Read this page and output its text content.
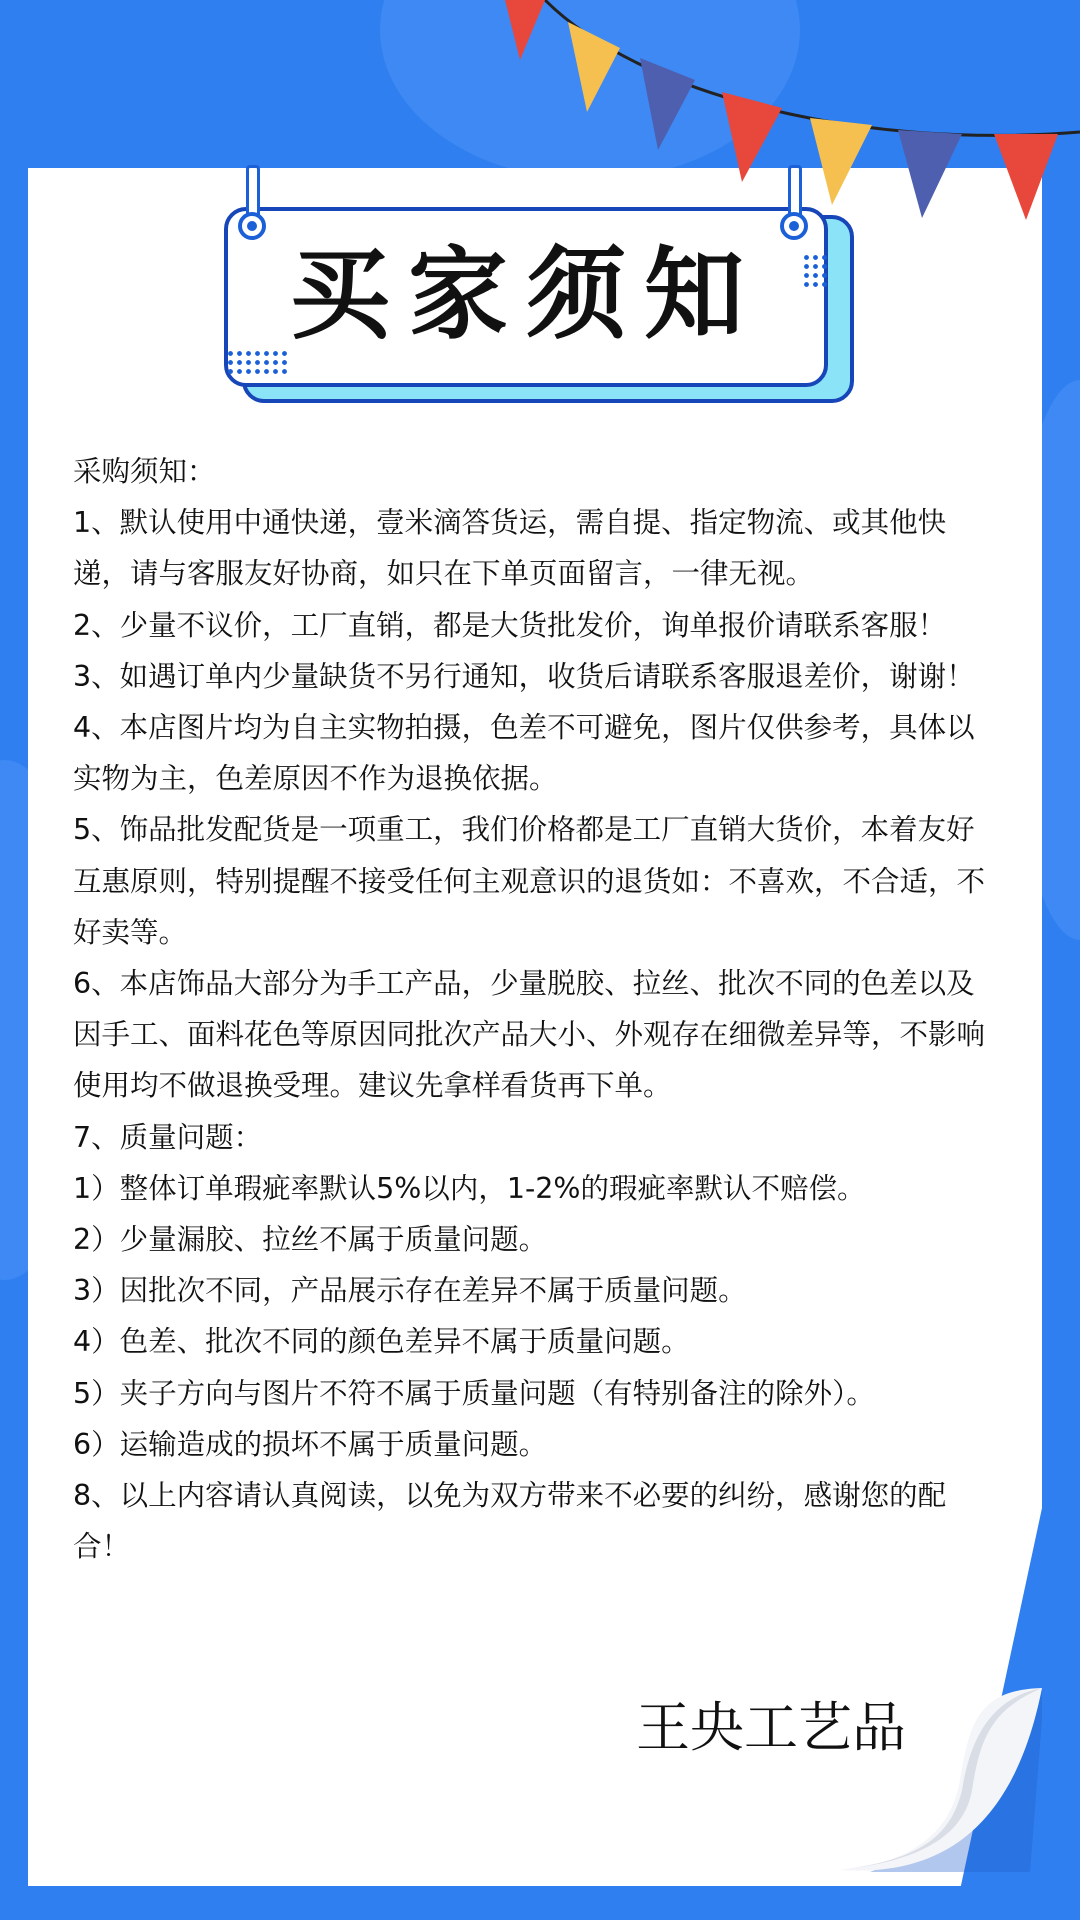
买家须知

采购须知：

1、默认使用中通快递，壹米滴答货运，需自提、指定物流、或其他快递，请与客服友好协商，如只在下单页面留言，一律无视。

2、少量不议价，工厂直销，都是大货批发价，询单报价请联系客服！

3、如遇订单内少量缺货不另行通知，收货后请联系客服退差价，谢谢！

4、本店图片均为自主实物拍摄，色差不可避免，图片仅供参考，具体以实物为主，色差原因不作为退换依据。

5、饰品批发配货是一项重工，我们价格都是工厂直销大货价，本着友好互惠原则，特别提醒不接受任何主观意识的退货如：不喜欢，不合适，不好卖等。

6、本店饰品大部分为手工产品，少量脱胶、拉丝、批次不同的色差以及因手工、面料花色等原因同批次产品大小、外观存在细微差异等，不影响使用均不做退换受理。建议先拿样看货再下单。

7、质量问题：

1）整体订单瑕疵率默认5%以内，1-2%的瑕疵率默认不赔偿。

2）少量漏胶、拉丝不属于质量问题。

3）因批次不同，产品展示存在差异不属于质量问题。

4）色差、批次不同的颜色差异不属于质量问题。

5）夹子方向与图片不符不属于质量问题（有特别备注的除外）。

6）运输造成的损坏不属于质量问题。

8、以上内容请认真阅读，以免为双方带来不必要的纠纷，感谢您的配合！

王央工艺品
